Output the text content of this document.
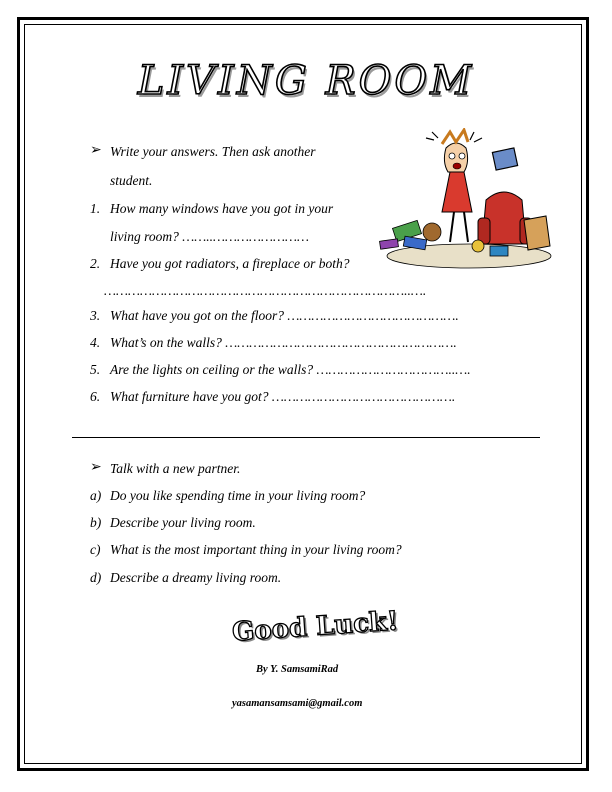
LIVING ROOM
➢ Write your answers. Then ask another
student.
1. How many windows have you got in your
living room? ……..……………………
2. Have you got radiators, a fireplace or both?
…………………………………………………………………..….
3. What have you got on the floor? …………………………………….
4. What’s on the walls? ………………………………………………….
5. Are the lights on ceiling or the walls? ……………………………..….
6. What furniture have you got? ……………………………………….
➢ Talk with a new partner.
a) Do you like spending time in your living room?
b) Describe your living room.
c) What is the most important thing in your living room?
d) Describe a dreamy living room.
Good Luck!
By Y. SamsamiRad
yasamansamsami@gmail.com
